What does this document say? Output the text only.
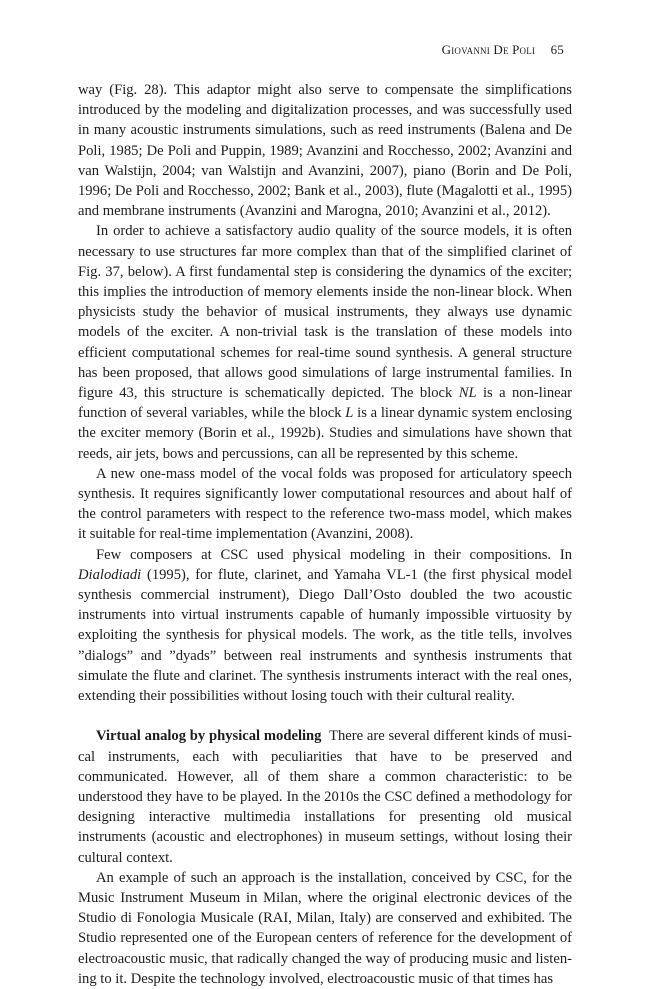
Giovanni De Poli 65

way (Fig. 28). This adaptor might also serve to compensate the simplifications introduced by the modeling and digitalization processes, and was successfully used in many acoustic instruments simulations, such as reed instruments (Balena and De Poli, 1985; De Poli and Puppin, 1989; Avanzini and Rocchesso, 2002; Avanzini and van Walstijn, 2004; van Walstijn and Avanzini, 2007), piano (Borin and De Poli, 1996; De Poli and Rocchesso, 2002; Bank et al., 2003), flute (Magalotti et al., 1995) and membrane instruments (Avanzini and Marogna, 2010; Avanzini et al., 2012).

In order to achieve a satisfactory audio quality of the source models, it is often necessary to use structures far more complex than that of the simplified clarinet of Fig. 37, below). A first fundamental step is considering the dynamics of the exciter; this implies the introduction of memory elements inside the non-linear block. When physicists study the behavior of musical instruments, they always use dynamic models of the exciter. A non-trivial task is the translation of these models into efficient computational schemes for real-time sound synthesis. A general structure has been proposed, that allows good simulations of large instrumental families. In figure 43, this structure is schematically depicted. The block NL is a non-linear function of several variables, while the block L is a linear dynamic system enclosing the exciter memory (Borin et al., 1992b). Studies and simulations have shown that reeds, air jets, bows and percussions, can all be represented by this scheme.

A new one-mass model of the vocal folds was proposed for articulatory speech synthesis. It requires significantly lower computational resources and about half of the control parameters with respect to the reference two-mass model, which makes it suitable for real-time implementation (Avanzini, 2008).

Few composers at CSC used physical modeling in their compositions. In Dialodiadi (1995), for flute, clarinet, and Yamaha VL-1 (the first physical model synthesis commercial instrument), Diego Dall’Osto doubled the two acoustic instruments into virtual instruments capable of humanly impossible virtuosity by exploiting the synthesis for physical models. The work, as the title tells, involves ”dialogs” and ”dyads” between real instruments and synthesis instruments that simulate the flute and clarinet. The synthesis instruments interact with the real ones, extending their possibilities without losing touch with their cultural reality.

Virtual analog by physical modeling There are several different kinds of musical instruments, each with peculiarities that have to be preserved and communicated. However, all of them share a common characteristic: to be understood they have to be played. In the 2010s the CSC defined a methodology for designing interactive multimedia installations for presenting old musical instruments (acoustic and electrophones) in museum settings, without losing their cultural context.

An example of such an approach is the installation, conceived by CSC, for the Music Instrument Museum in Milan, where the original electronic devices of the Studio di Fonologia Musicale (RAI, Milan, Italy) are conserved and exhibited. The Studio represented one of the European centers of reference for the development of electroacoustic music, that radically changed the way of producing music and listening to it. Despite the technology involved, electroacoustic music of that times has
